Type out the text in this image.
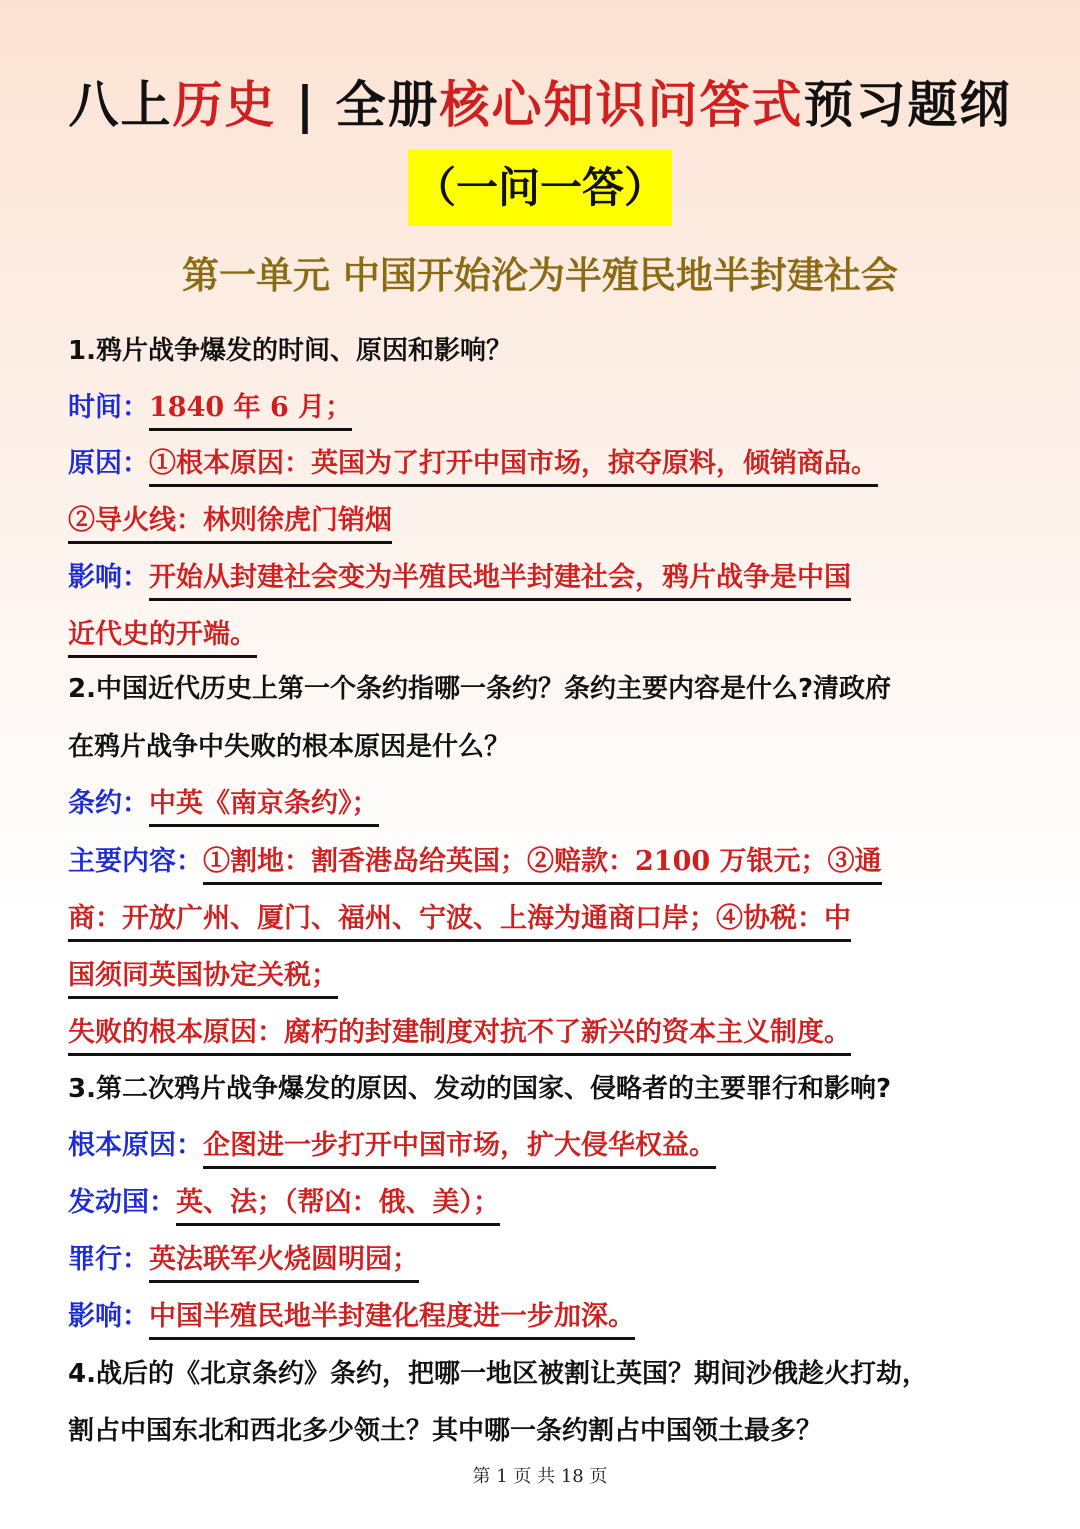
八上历史 | 全册核心知识问答式预习题纲
（一问一答）
第一单元 中国开始沦为半殖民地半封建社会
1.鸦片战争爆发的时间、原因和影响？
时间：1840 年 6 月；
原因：①根本原因：英国为了打开中国市场，掠夺原料，倾销商品。
②导火线：林则徐虎门销烟
影响：开始从封建社会变为半殖民地半封建社会，鸦片战争是中国
近代史的开端。
2.中国近代历史上第一个条约指哪一条约？条约主要内容是什么?清政府
在鸦片战争中失败的根本原因是什么？
条约：中英《南京条约》；
主要内容：①割地：割香港岛给英国；②赔款：2100 万银元；③通
商：开放广州、厦门、福州、宁波、上海为通商口岸；④协税：中
国须同英国协定关税；
失败的根本原因：腐朽的封建制度对抗不了新兴的资本主义制度。
3.第二次鸦片战争爆发的原因、发动的国家、侵略者的主要罪行和影响?
根本原因：企图进一步打开中国市场，扩大侵华权益。
发动国：英、法；（帮凶：俄、美）；
罪行：英法联军火烧圆明园；
影响：中国半殖民地半封建化程度进一步加深。
4.战后的《北京条约》条约，把哪一地区被割让英国？期间沙俄趁火打劫，
割占中国东北和西北多少领土？其中哪一条约割占中国领土最多？
第 1 页 共 18 页
